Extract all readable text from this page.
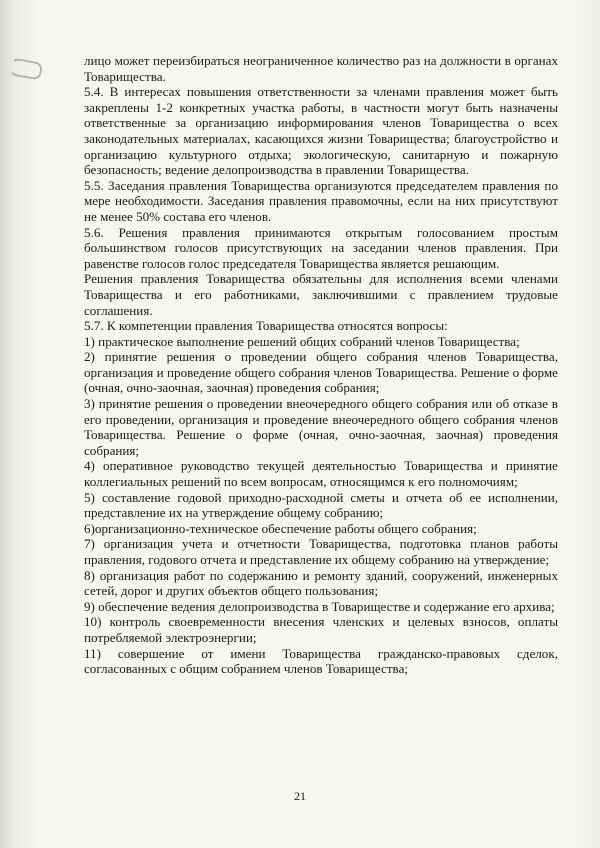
лицо может переизбираться неограниченное количество раз на должности в органах Товарищества.

5.4. В интересах повышения ответственности за членами правления может быть закреплены 1-2 конкретных участка работы, в частности могут быть назначены ответственные за организацию информирования членов Товарищества о всех законодательных материалах, касающихся жизни Товарищества; благоустройство и организацию культурного отдыха; экологическую, санитарную и пожарную безопасность; ведение делопроизводства в правлении Товарищества.

5.5. Заседания правления Товарищества организуются председателем правления по мере необходимости. Заседания правления правомочны, если на них присутствуют не менее 50% состава его членов.

5.6. Решения правления принимаются открытым голосованием простым большинством голосов присутствующих на заседании членов правления. При равенстве голосов голос председателя Товарищества является решающим.

Решения правления Товарищества обязательны для исполнения всеми членами Товарищества и его работниками, заключившими с правлением трудовые соглашения.

5.7. К компетенции правления Товарищества относятся вопросы:

1) практическое выполнение решений общих собраний членов Товарищества;

2) принятие решения о проведении общего собрания членов Товарищества, организация и проведение общего собрания членов Товарищества. Решение о форме (очная, очно-заочная, заочная) проведения собрания;

3) принятие решения о проведении внеочередного общего собрания или об отказе в его проведении, организация и проведение внеочередного общего собрания членов Товарищества. Решение о форме (очная, очно-заочная, заочная) проведения собрания;

4) оперативное руководство текущей деятельностью Товарищества и принятие коллегиальных решений по всем вопросам, относящимся к его полномочиям;

5) составление годовой приходно-расходной сметы и отчета об ее исполнении, представление их на утверждение общему собранию;

6)организационно-техническое обеспечение работы общего собрания;

7) организация учета и отчетности Товарищества, подготовка планов работы правления, годового отчета и представление их общему собранию на утверждение;

8) организация работ по содержанию и ремонту зданий, сооружений, инженерных сетей, дорог и других объектов общего пользования;

9) обеспечение ведения делопроизводства в Товариществе и содержание его архива;

10) контроль своевременности внесения членских и целевых взносов, оплаты потребляемой электроэнергии;

11) совершение от имени Товарищества гражданско-правовых сделок, согласованных с общим собранием членов Товарищества;

21
